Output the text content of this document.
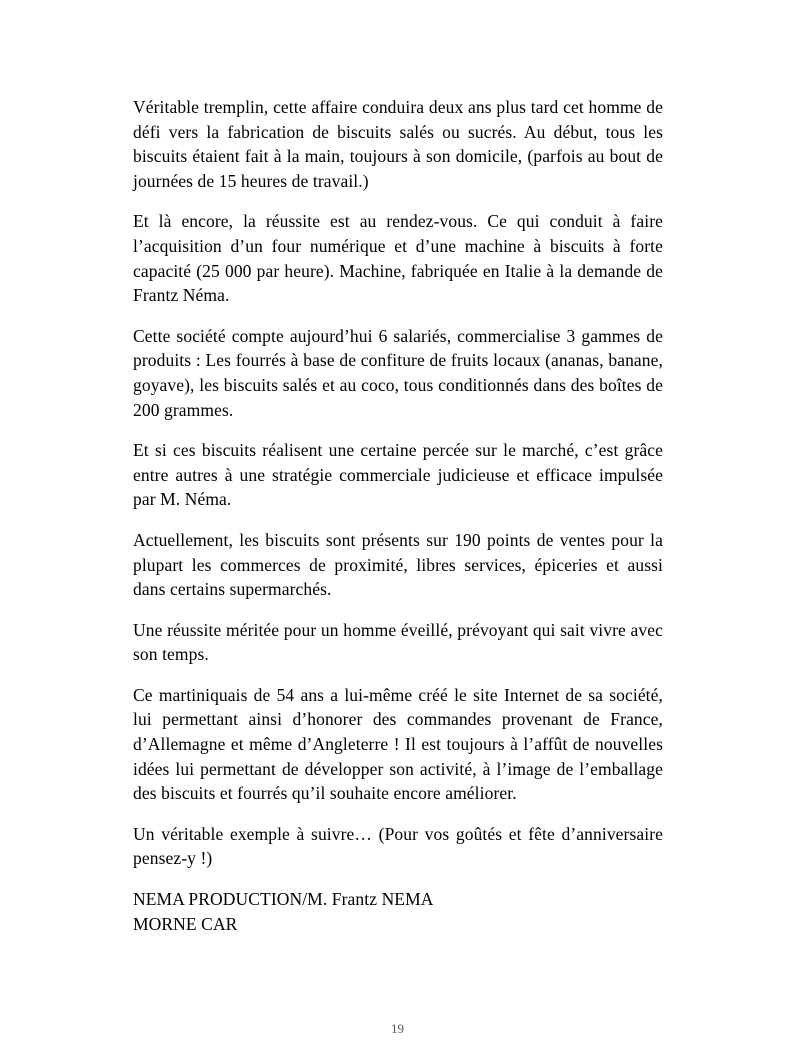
Véritable tremplin, cette affaire conduira deux ans plus tard cet homme de défi vers la fabrication de biscuits salés ou sucrés. Au début, tous les biscuits étaient fait à la main, toujours à son domicile, (parfois au bout de journées de 15 heures de travail.)

Et là encore, la réussite est au rendez-vous. Ce qui conduit à faire l’acquisition d’un four numérique et d’une machine à biscuits à forte capacité (25 000 par heure). Machine, fabriquée en Italie à la demande de Frantz Néma.

Cette société compte aujourd’hui 6 salariés, commercialise 3 gammes de produits : Les fourrés à base de confiture de fruits locaux (ananas, banane, goyave), les biscuits salés et au coco, tous conditionnés dans des boîtes de 200 grammes.

Et si ces biscuits réalisent une certaine percée sur le marché, c’est grâce entre autres à une stratégie commerciale judicieuse et efficace impulsée par M. Néma.

Actuellement, les biscuits sont présents sur 190 points de ventes pour la plupart les commerces de proximité, libres services, épiceries et aussi dans certains supermarchés.

Une réussite méritée pour un homme éveillé, prévoyant qui sait vivre avec son temps.

Ce martiniquais de 54 ans a lui-même créé le site Internet de sa société, lui permettant ainsi d’honorer des commandes provenant de France, d’Allemagne et même d’Angleterre ! Il est toujours à l’affût de nouvelles idées lui permettant de développer son activité, à l’image de l’emballage des biscuits et fourrés qu’il souhaite encore améliorer.

Un véritable exemple à suivre… (Pour vos goûtés et fête d’anniversaire pensez-y !)

NEMA PRODUCTION/M. Frantz NEMA
MORNE CAR

19
